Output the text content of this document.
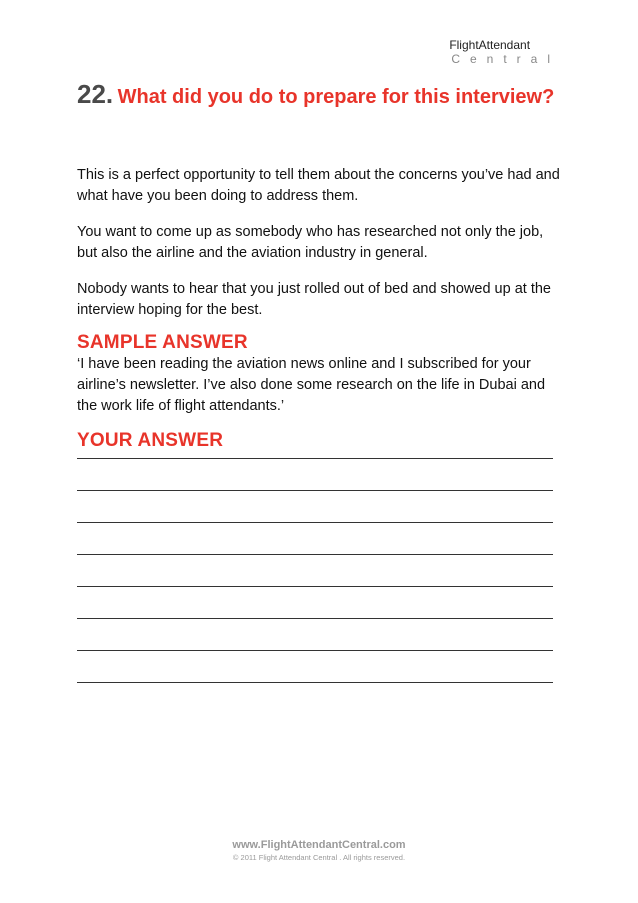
FlightAttendant
Central
22. What did you do to prepare for this interview?
This is a perfect opportunity to tell them about the concerns you’ve had and what have you been doing to address them.
You want to come up as somebody who has researched not only the job, but also the airline and the aviation industry in general.
Nobody wants to hear that you just rolled out of bed and showed up at the interview hoping for the best.
SAMPLE ANSWER
‘I have been reading the aviation news online and I subscribed for your airline’s newsletter. I’ve also done some research on the life in Dubai and the work life of flight attendants.’
YOUR ANSWER
www.FlightAttendantCentral.com
© 2011 Flight Attendant Central . All rights reserved.
